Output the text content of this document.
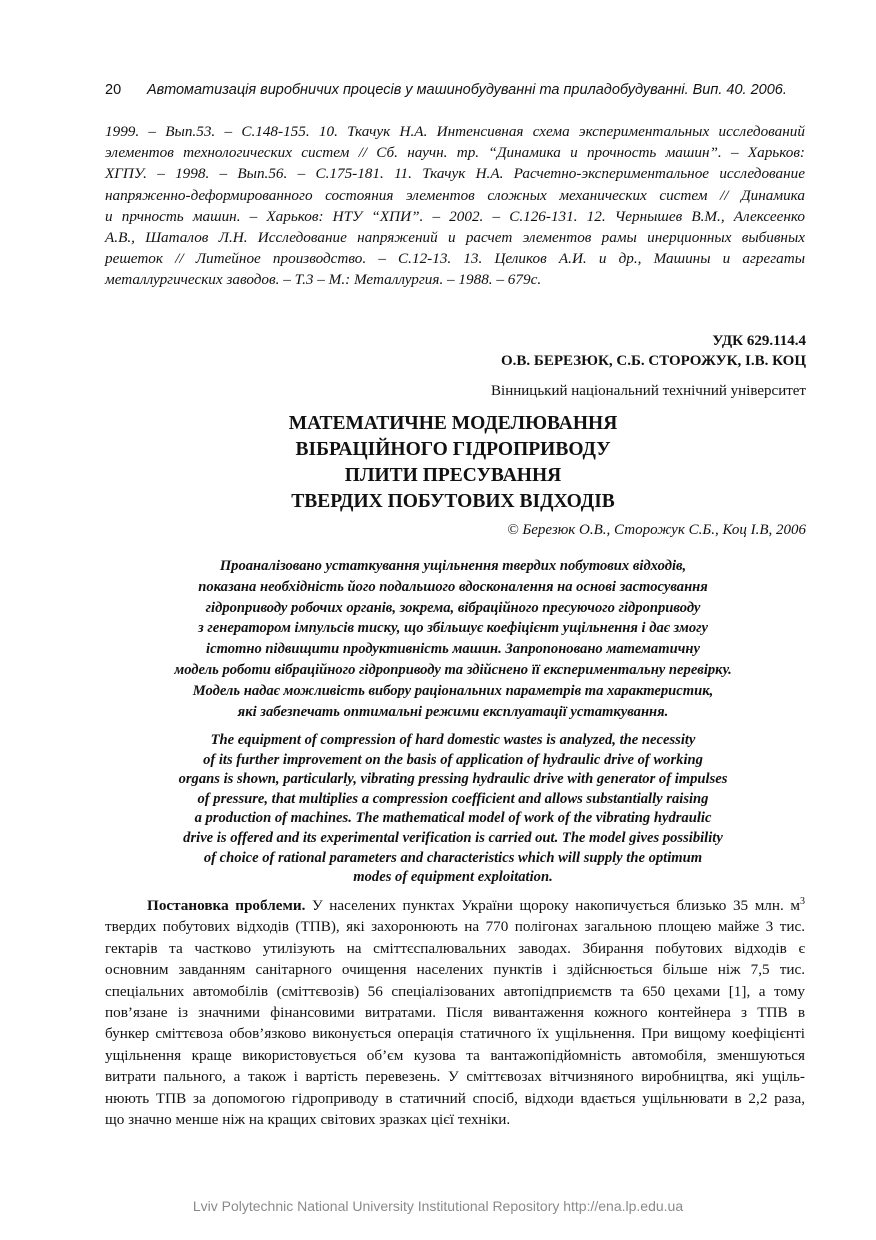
20 Автоматизація виробничих процесів у машинобудуванні та приладобудуванні. Вип. 40. 2006.
1999. – Вып.53. – С.148-155. 10. Ткачук Н.А. Интенсивная схема экспериментальных исследований
элементов технологических систем // Сб. научн. тр. “Динамика и прочность машин”. – Харьков:
ХГПУ. – 1998. – Вып.56. – С.175-181. 11. Ткачук Н.А. Расчетно-экспериментальное исследование
напряженно-деформированного состояния элементов сложных механических систем // Динамика
и прчность машин. – Харьков: НТУ “ХПИ”. – 2002. – С.126-131. 12. Чернышев В.М., Алексеенко
А.В., Шаталов Л.Н. Исследование напряжений и расчет элементов рамы инерционных выбивных
решеток // Литейное производство. – С.12-13. 13. Целиков А.И. и др., Машины и агрегаты
металлургических заводов. – Т.3 – М.: Металлургия. – 1988. – 679с.
УДК 629.114.4
О.В. БЕРЕЗЮК, С.Б. СТОРОЖУК, І.В. КОЦ
Вінницький національний технічний університет
МАТЕМАТИЧНЕ МОДЕЛЮВАННЯ
ВІБРАЦІЙНОГО ГІДРОПРИВОДУ
ПЛИТИ ПРЕСУВАННЯ
ТВЕРДИХ ПОБУТОВИХ ВІДХОДІВ
© Березюк О.В., Сторожук С.Б., Коц І.В, 2006
Проаналізовано устаткування ущільнення твердих побутових відходів,
показана необхідність його подальшого вдосконалення на основі застосування
гідроприводу робочих органів, зокрема, вібраційного пресуючого гідроприводу
з генератором імпульсів тиску, що збільшує коефіцієнт ущільнення і дає змогу
істотно підвищити продуктивність машин. Запропоновано математичну
модель роботи вібраційного гідроприводу та здійснено її експериментальну перевірку.
Модель надає можливість вибору раціональних параметрів та характеристик,
які забезпечать оптимальні режими експлуатації устаткування.
The equipment of compression of hard domestic wastes is analyzed, the necessity
of its further improvement on the basis of application of hydraulic drive of working
organs is shown, particularly, vibrating pressing hydraulic drive with generator of impulses
of pressure, that multiplies a compression coefficient and allows substantially raising
a production of machines. The mathematical model of work of the vibrating hydraulic
drive is offered and its experimental verification is carried out. The model gives possibility
of choice of rational parameters and characteristics which will supply the optimum
modes of equipment exploitation.
Постановка проблеми. У населених пунктах України щороку накопичується близько 35 млн. $м^3$
твердих побутових відходів (ТПВ), які захоронюють на 770 полігонах загальною площею майже 3 тис.
гектарів та частково утилізують на сміттєспалювальних заводах. Збирання побутових відходів є
основним завданням санітарного очищення населених пунктів і здійснюється більше ніж 7,5 тис.
спеціальних автомобілів (сміттєвозів) 56 спеціалізованих автопідприємств та 650 цехами [1], а тому
пов’язане із значними фінансовими витратами. Після вивантаження кожного контейнера з ТПВ в
бункер сміттєвоза обов’язково виконується операція статичного їх ущільнення. При вищому коефіцієнті
ущільнення краще використовується об’єм кузова та вантажопідйомність автомобіля, зменшуються
витрати пального, а також і вартість перевезень. У сміттєвозах вітчизняного виробництва, які ущіль-
нюють ТПВ за допомогою гідроприводу в статичний спосіб, відходи вдається ущільнювати в 2,2 раза,
що значно менше ніж на кращих світових зразках цієї техніки.
Lviv Polytechnic National University Institutional Repository http://ena.lp.edu.ua
